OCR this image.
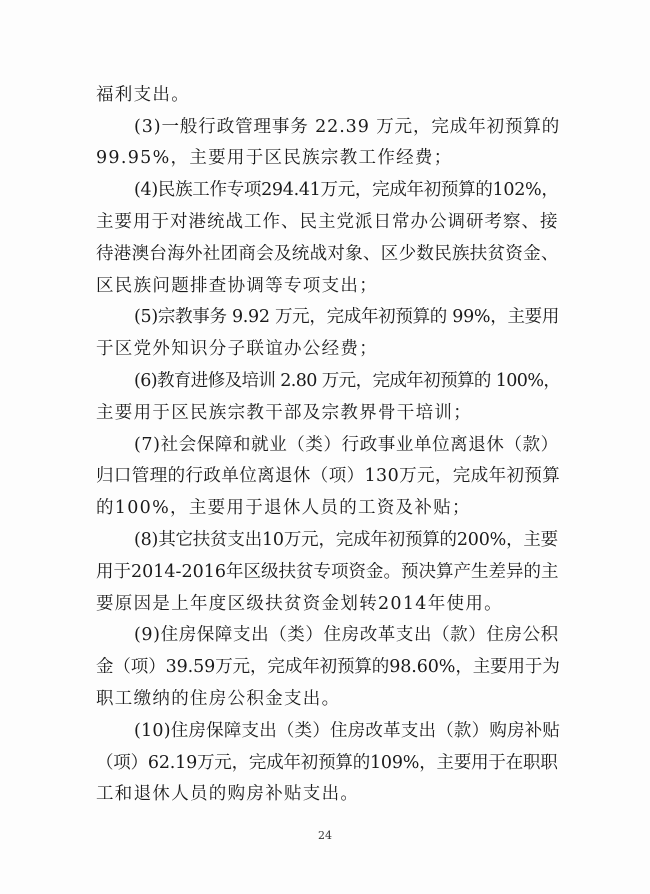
福利支出。
(3)一般行政管理事务 22.39 万元，完成年初预算的
99.95%，主要用于区民族宗教工作经费；
(4)民族工作专项294.41万元，完成年初预算的102%，
主要用于对港统战工作、民主党派日常办公调研考察、接
待港澳台海外社团商会及统战对象、区少数民族扶贫资金、
区民族问题排查协调等专项支出；
(5)宗教事务 9.92 万元，完成年初预算的 99%，主要用
于区党外知识分子联谊办公经费；
(6)教育进修及培训 2.80 万元，完成年初预算的 100%，
主要用于区民族宗教干部及宗教界骨干培训；
(7)社会保障和就业（类）行政事业单位离退休（款）
归口管理的行政单位离退休（项）130万元，完成年初预算
的100%，主要用于退休人员的工资及补贴；
(8)其它扶贫支出10万元，完成年初预算的200%，主要
用于2014-2016年区级扶贫专项资金。预决算产生差异的主
要原因是上年度区级扶贫资金划转2014年使用。
(9)住房保障支出（类）住房改革支出（款）住房公积
金（项）39.59万元，完成年初预算的98.60%，主要用于为
职工缴纳的住房公积金支出。
(10)住房保障支出（类）住房改革支出（款）购房补贴
（项）62.19万元，完成年初预算的109%，主要用于在职职
工和退休人员的购房补贴支出。
24
